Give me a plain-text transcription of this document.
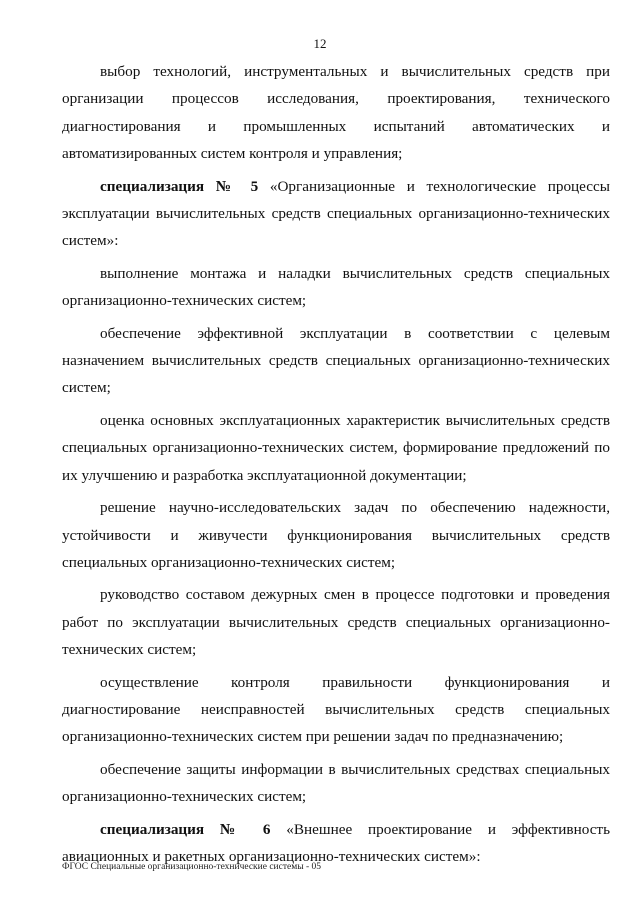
12

выбор технологий, инструментальных и вычислительных средств при организации процессов исследования, проектирования, технического диагностирования и промышленных испытаний автоматических и автоматизированных систем контроля и управления;

специализация № 5 «Организационные и технологические процессы эксплуатации вычислительных средств специальных организационно-технических систем»:

выполнение монтажа и наладки вычислительных средств специальных организационно-технических систем;

обеспечение эффективной эксплуатации в соответствии с целевым назначением вычислительных средств специальных организационно-технических систем;

оценка основных эксплуатационных характеристик вычислительных средств специальных организационно-технических систем, формирование предложений по их улучшению и разработка эксплуатационной документации;

решение научно-исследовательских задач по обеспечению надежности, устойчивости и живучести функционирования вычислительных средств специальных организационно-технических систем;

руководство составом дежурных смен в процессе подготовки и проведения работ по эксплуатации вычислительных средств специальных организационно-технических систем;

осуществление контроля правильности функционирования и диагностирование неисправностей вычислительных средств специальных организационно-технических систем при решении задач по предназначению;

обеспечение защиты информации в вычислительных средствах специальных организационно-технических систем;

специализация № 6 «Внешнее проектирование и эффективность авиационных и ракетных организационно-технических систем»:

ФГОС Специальные организационно-технические системы - 05
